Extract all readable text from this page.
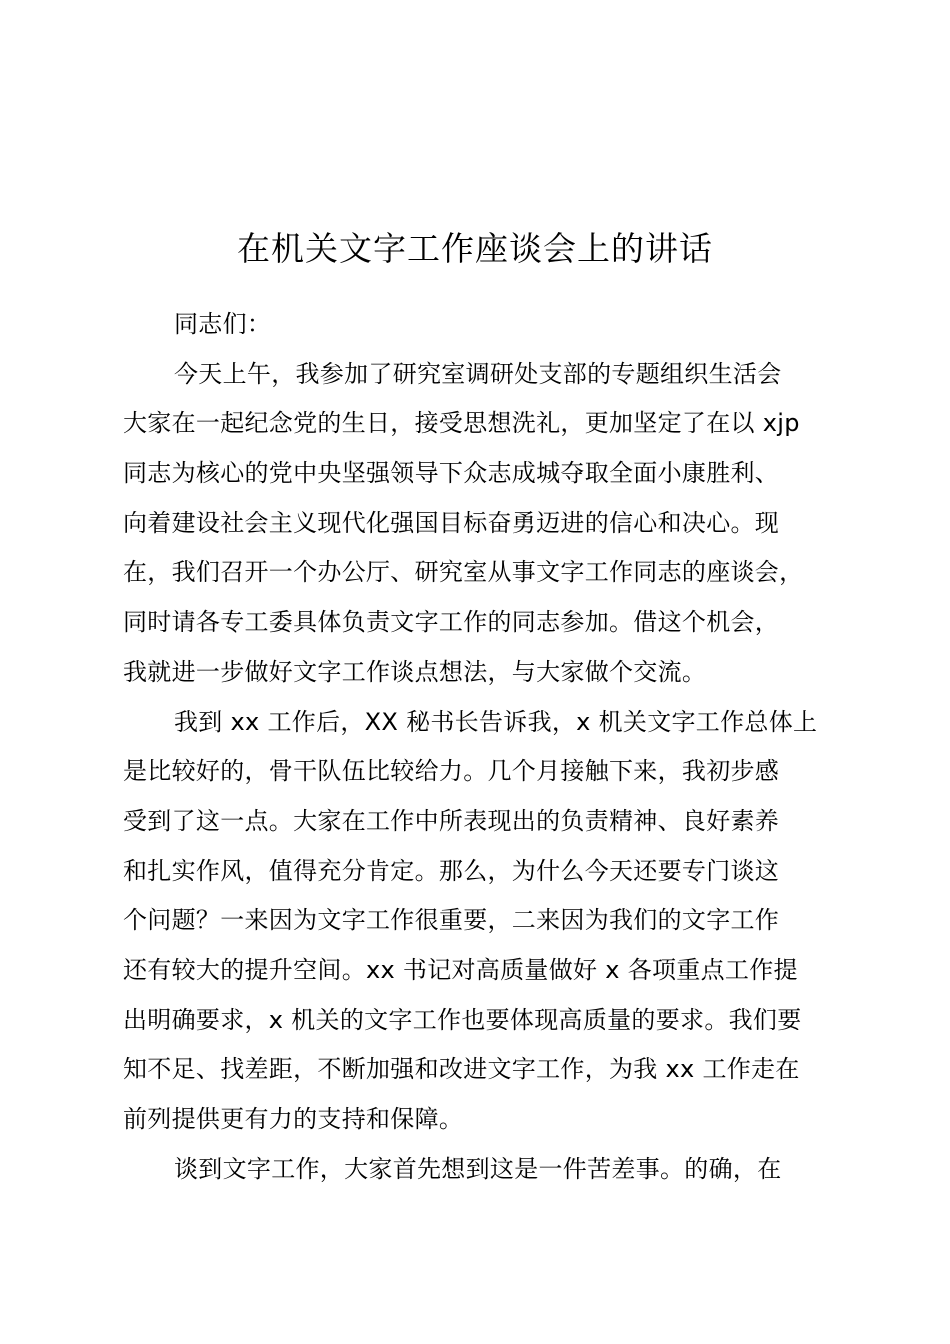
在机关文字工作座谈会上的讲话
同志们：
今天上午，我参加了研究室调研处支部的专题组织生活会
大家在一起纪念党的生日，接受思想洗礼，更加坚定了在以 xjp
同志为核心的党中央坚强领导下众志成城夺取全面小康胜利、
向着建设社会主义现代化强国目标奋勇迈进的信心和决心。现
在，我们召开一个办公厅、研究室从事文字工作同志的座谈会，
同时请各专工委具体负责文字工作的同志参加。借这个机会，
我就进一步做好文字工作谈点想法，与大家做个交流。
我到 xx 工作后，XX 秘书长告诉我，x 机关文字工作总体上
是比较好的，骨干队伍比较给力。几个月接触下来，我初步感
受到了这一点。大家在工作中所表现出的负责精神、良好素养
和扎实作风，值得充分肯定。那么，为什么今天还要专门谈这
个问题？一来因为文字工作很重要，二来因为我们的文字工作
还有较大的提升空间。xx 书记对高质量做好 x 各项重点工作提
出明确要求，x 机关的文字工作也要体现高质量的要求。我们要
知不足、找差距，不断加强和改进文字工作，为我 xx 工作走在
前列提供更有力的支持和保障。
谈到文字工作，大家首先想到这是一件苦差事。的确，在
